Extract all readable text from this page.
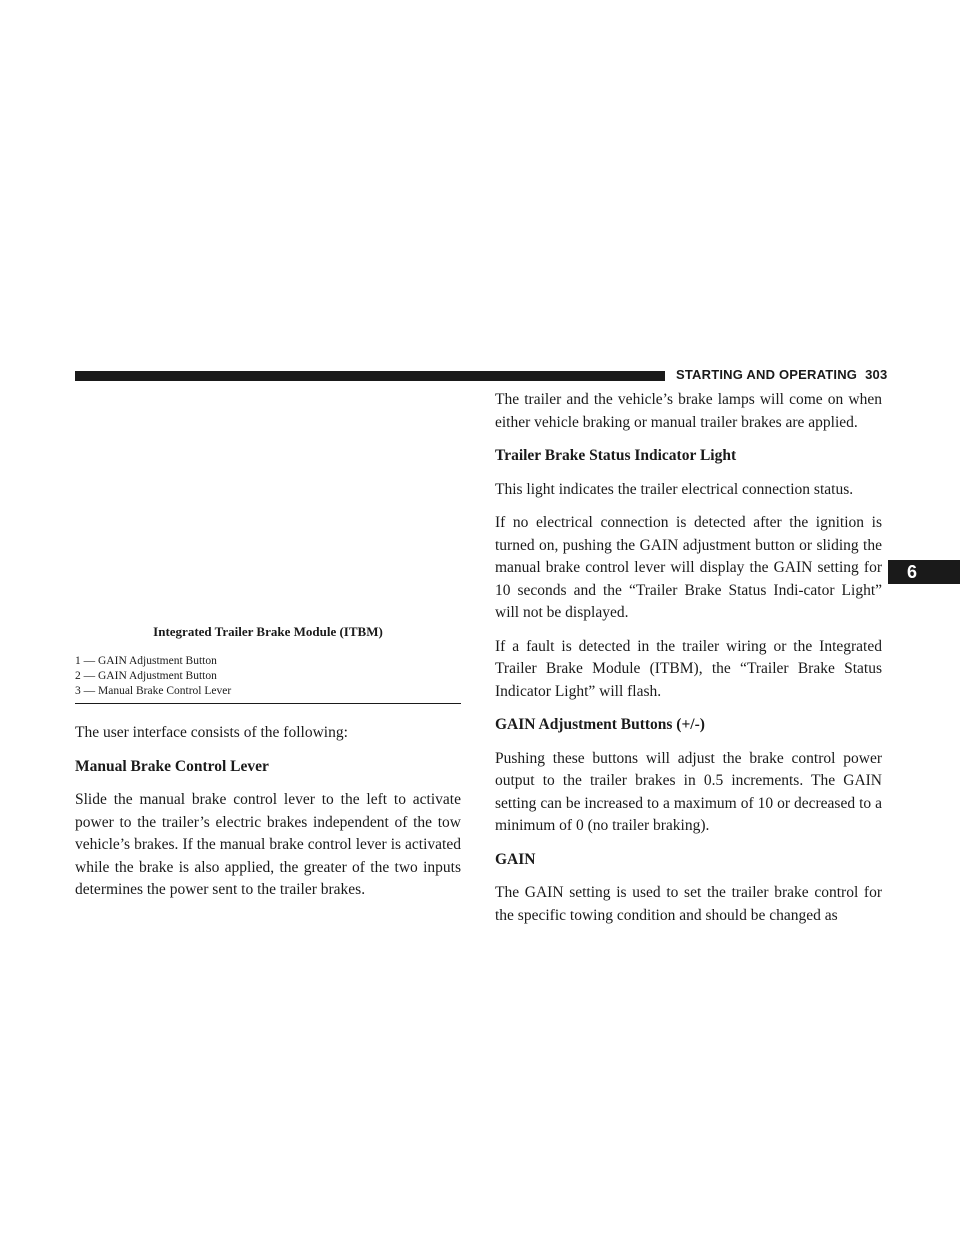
STARTING AND OPERATING 303
6
Integrated Trailer Brake Module (ITBM)
1 — GAIN Adjustment Button
2 — GAIN Adjustment Button
3 — Manual Brake Control Lever

The user interface consists of the following:

Manual Brake Control Lever

Slide the manual brake control lever to the left to activate power to the trailer’s electric brakes independent of the tow vehicle’s brakes. If the manual brake control lever is activated while the brake is also applied, the greater of the two inputs determines the power sent to the trailer brakes.

The trailer and the vehicle’s brake lamps will come on when either vehicle braking or manual trailer brakes are applied.

Trailer Brake Status Indicator Light

This light indicates the trailer electrical connection status.

If no electrical connection is detected after the ignition is turned on, pushing the GAIN adjustment button or sliding the manual brake control lever will display the GAIN setting for 10 seconds and the “Trailer Brake Status Indi-cator Light” will not be displayed.

If a fault is detected in the trailer wiring or the Integrated Trailer Brake Module (ITBM), the “Trailer Brake Status Indicator Light” will flash.

GAIN Adjustment Buttons (+/-)

Pushing these buttons will adjust the brake control power output to the trailer brakes in 0.5 increments. The GAIN setting can be increased to a maximum of 10 or decreased to a minimum of 0 (no trailer braking).

GAIN

The GAIN setting is used to set the trailer brake control for the specific towing condition and should be changed as
